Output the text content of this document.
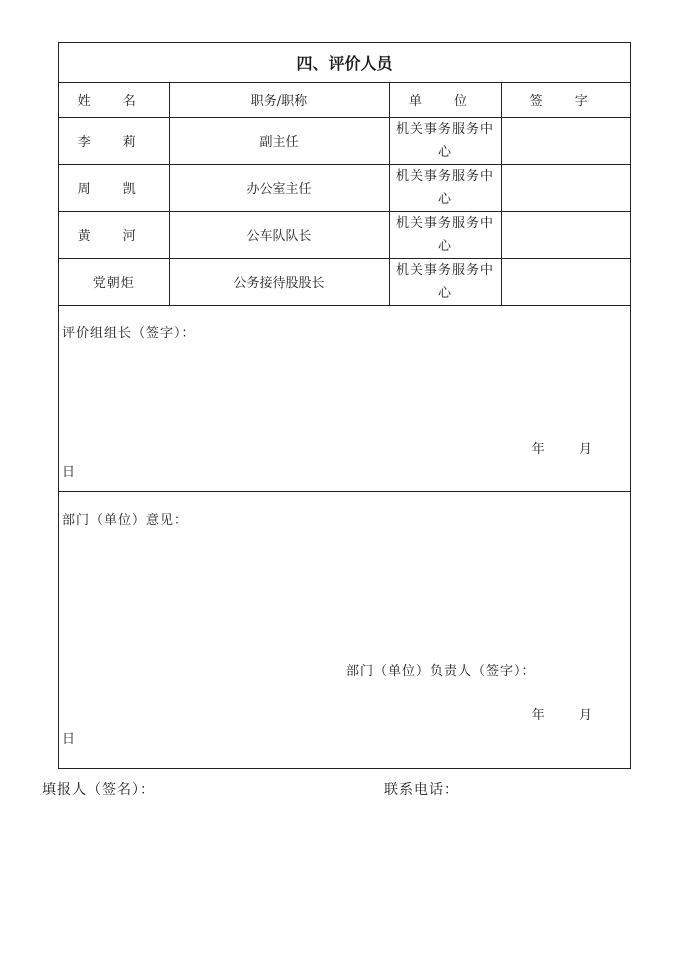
四、评价人员
姓 名	职务/职称	单 位	签 字
李 莉	副主任	机关事务服务中心	
周 凯	办公室主任	机关事务服务中心	
黄 河	公车队队长	机关事务服务中心	
党朝炬	公务接待股股长	机关事务服务中心	
评价组组长（签字）：
年	月
日
部门（单位）意见：
部门（单位）负责人（签字）：
年	月
日
填报人（签名）：	联系电话：
